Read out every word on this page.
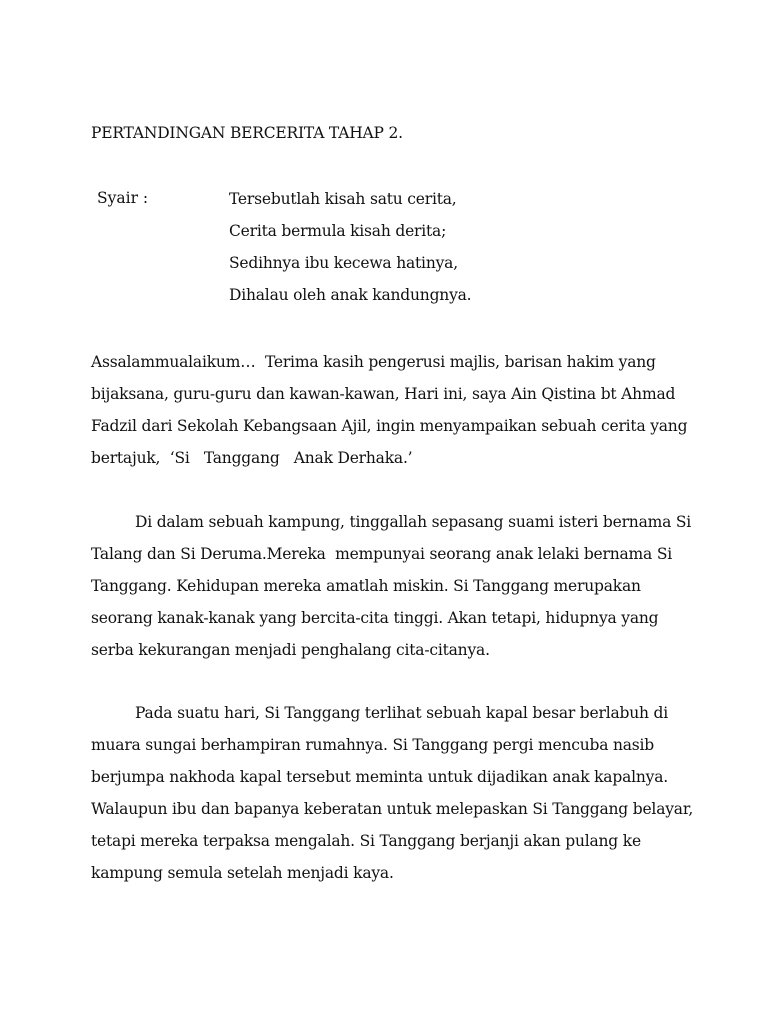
PERTANDINGAN BERCERITA TAHAP 2.
Syair :	Tersebutlah kisah satu cerita,
Cerita bermula kisah derita;
Sedihnya ibu kecewa hatinya,
Dihalau oleh anak kandungnya.
Assalammualaikum…  Terima kasih pengerusi majlis, barisan hakim yang
bijaksana, guru-guru dan kawan-kawan, Hari ini, saya Ain Qistina bt Ahmad
Fadzil dari Sekolah Kebangsaan Ajil, ingin menyampaikan sebuah cerita yang
bertajuk,  ‘Si   Tanggang   Anak Derhaka.’
Di dalam sebuah kampung, tinggallah sepasang suami isteri bernama Si
Talang dan Si Deruma.Mereka  mempunyai seorang anak lelaki bernama Si
Tanggang. Kehidupan mereka amatlah miskin. Si Tanggang merupakan
seorang kanak-kanak yang bercita-cita tinggi. Akan tetapi, hidupnya yang
serba kekurangan menjadi penghalang cita-citanya.
Pada suatu hari, Si Tanggang terlihat sebuah kapal besar berlabuh di
muara sungai berhampiran rumahnya. Si Tanggang pergi mencuba nasib
berjumpa nakhoda kapal tersebut meminta untuk dijadikan anak kapalnya.
Walaupun ibu dan bapanya keberatan untuk melepaskan Si Tanggang belayar,
tetapi mereka terpaksa mengalah. Si Tanggang berjanji akan pulang ke
kampung semula setelah menjadi kaya.
